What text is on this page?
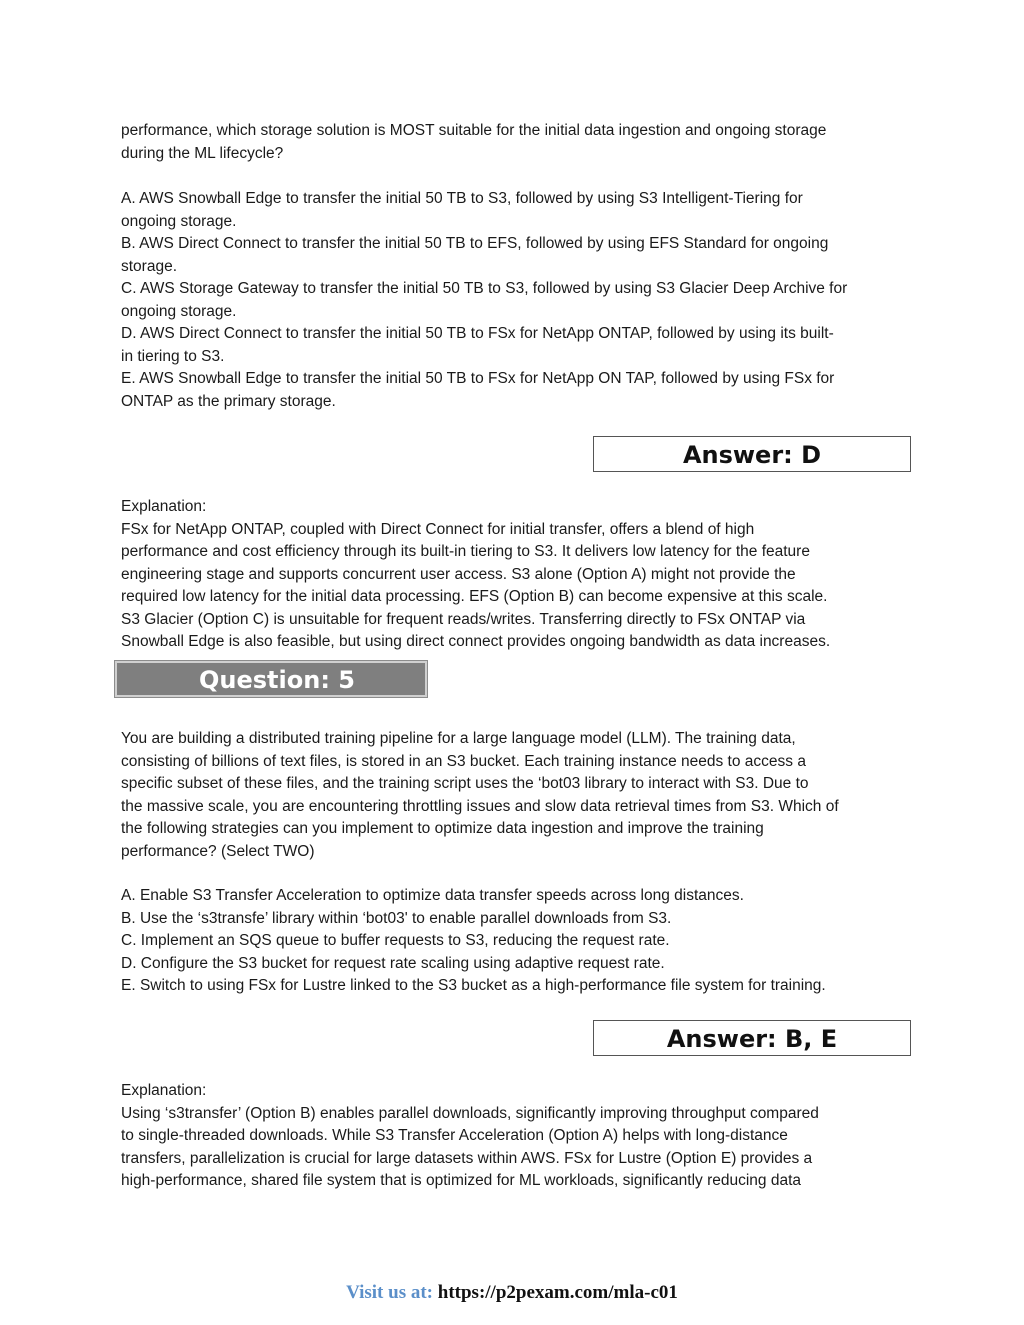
performance, which storage solution is MOST suitable for the initial data ingestion and ongoing storage
during the ML lifecycle?
A. AWS Snowball Edge to transfer the initial 50 TB to S3, followed by using S3 Intelligent-Tiering for
ongoing storage.
B. AWS Direct Connect to transfer the initial 50 TB to EFS, followed by using EFS Standard for ongoing
storage.
C. AWS Storage Gateway to transfer the initial 50 TB to S3, followed by using S3 Glacier Deep Archive for
ongoing storage.
D. AWS Direct Connect to transfer the initial 50 TB to FSx for NetApp ONTAP, followed by using its built-
in tiering to S3.
E. AWS Snowball Edge to transfer the initial 50 TB to FSx for NetApp ON TAP, followed by using FSx for
ONTAP as the primary storage.
Answer: D
Explanation:
FSx for NetApp ONTAP, coupled with Direct Connect for initial transfer, offers a blend of high
performance and cost efficiency through its built-in tiering to S3. It delivers low latency for the feature
engineering stage and supports concurrent user access. S3 alone (Option A) might not provide the
required low latency for the initial data processing. EFS (Option B) can become expensive at this scale.
S3 Glacier (Option C) is unsuitable for frequent reads/writes. Transferring directly to FSx ONTAP via
Snowball Edge is also feasible, but using direct connect provides ongoing bandwidth as data increases.
Question: 5
You are building a distributed training pipeline for a large language model (LLM). The training data,
consisting of billions of text files, is stored in an S3 bucket. Each training instance needs to access a
specific subset of these files, and the training script uses the ‘bot03 library to interact with S3. Due to
the massive scale, you are encountering throttling issues and slow data retrieval times from S3. Which of
the following strategies can you implement to optimize data ingestion and improve the training
performance? (Select TWO)
A. Enable S3 Transfer Acceleration to optimize data transfer speeds across long distances.
B. Use the ‘s3transfe’ library within ‘bot03' to enable parallel downloads from S3.
C. Implement an SQS queue to buffer requests to S3, reducing the request rate.
D. Configure the S3 bucket for request rate scaling using adaptive request rate.
E. Switch to using FSx for Lustre linked to the S3 bucket as a high-performance file system for training.
Answer: B, E
Explanation:
Using ‘s3transfer’ (Option B) enables parallel downloads, significantly improving throughput compared
to single-threaded downloads. While S3 Transfer Acceleration (Option A) helps with long-distance
transfers, parallelization is crucial for large datasets within AWS. FSx for Lustre (Option E) provides a
high-performance, shared file system that is optimized for ML workloads, significantly reducing data
Visit us at: https://p2pexam.com/mla-c01
